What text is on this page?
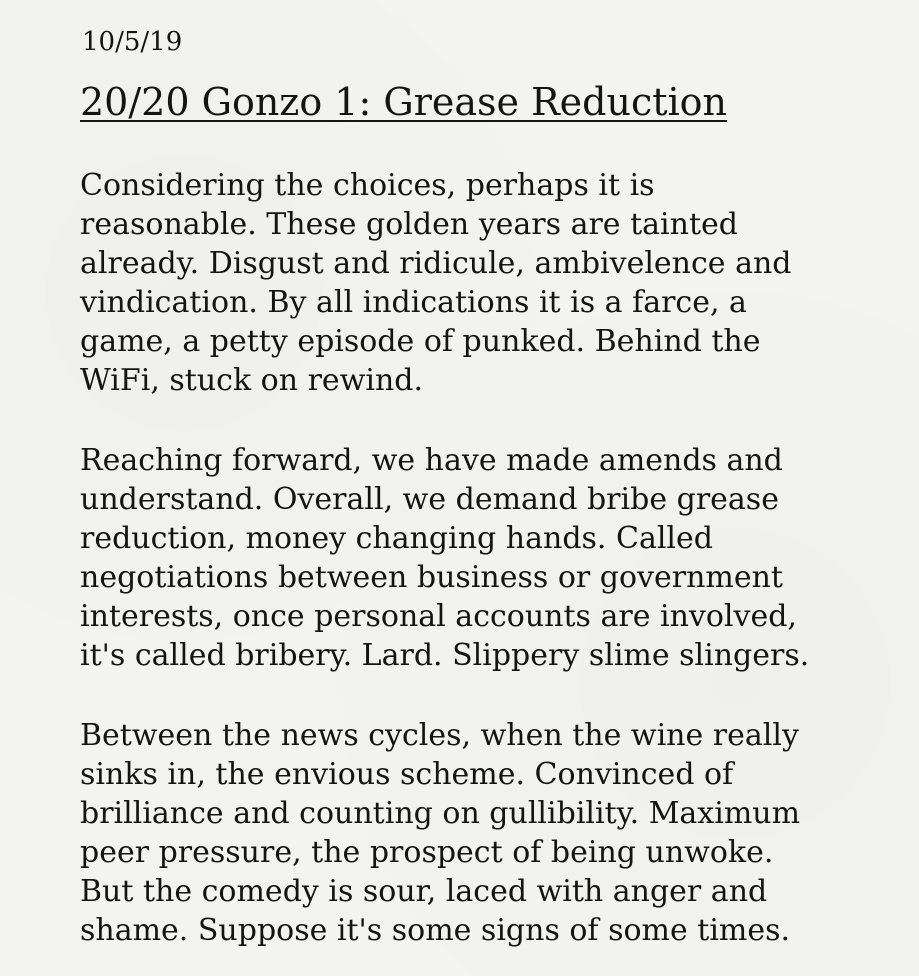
10/5/19
20/20 Gonzo 1: Grease Reduction
Considering the choices, perhaps it is
reasonable. These golden years are tainted
already. Disgust and ridicule, ambivelence and
vindication. By all indications it is a farce, a
game, a petty episode of punked. Behind the
WiFi, stuck on rewind.
Reaching forward, we have made amends and
understand. Overall, we demand bribe grease
reduction, money changing hands. Called
negotiations between business or government
interests, once personal accounts are involved,
it's called bribery. Lard. Slippery slime slingers.
Between the news cycles, when the wine really
sinks in, the envious scheme. Convinced of
brilliance and counting on gullibility. Maximum
peer pressure, the prospect of being unwoke.
But the comedy is sour, laced with anger and
shame. Suppose it's some signs of some times.
